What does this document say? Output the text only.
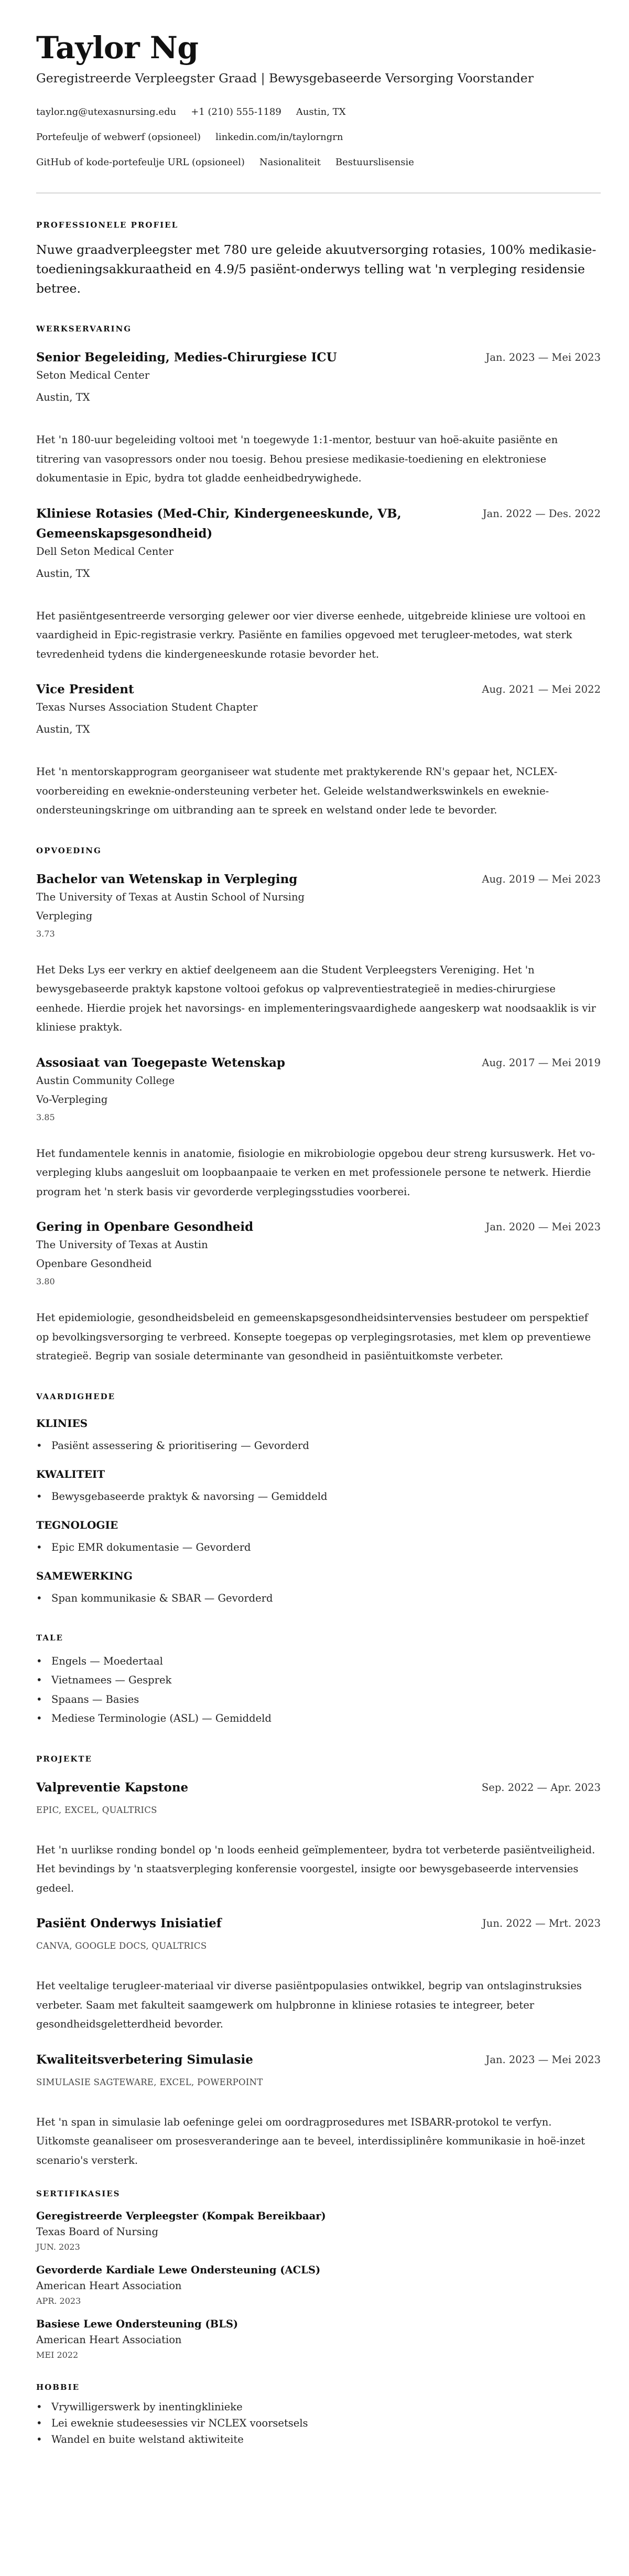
Taylor Ng
Geregistreerde Verpleegster Graad | Bewysgebaseerde Versorging Voorstander
taylor.ng@utexasnursing.edu +1 (210) 555-1189 Austin, TX
Portefeulje of webwerf (opsioneel) linkedin.com/in/taylorngrn
GitHub of kode-portefeulje URL (opsioneel) Nasionaliteit Bestuurslisensie
PROFESSIONELE PROFIEL
Nuwe graadverpleegster met 780 ure geleide akuutversorging rotasies, 100% medikasie-toedieningsakkuraatheid en 4.9/5 pasiënt-onderwys telling wat 'n verpleging residensie betree.
WERKSERVARING
Senior Begeleiding, Medies-Chirurgiese ICU	Jan. 2023 — Mei 2023
Seton Medical Center
Austin, TX
Het 'n 180-uur begeleiding voltooi met 'n toegewyde 1:1-mentor, bestuur van hoë-akuite pasiënte en titrering van vasopressors onder nou toesig. Behou presiese medikasie-toediening en elektroniese dokumentasie in Epic, bydra tot gladde eenheidbedrywighede.
Kliniese Rotasies (Med-Chir, Kindergeneeskunde, VB, Gemeenskapsgesondheid)
Jan. 2022 — Des. 2022
Dell Seton Medical Center
Austin, TX
Het pasiëntgesentreerde versorging gelewer oor vier diverse eenhede, uitgebreide kliniese ure voltooi en vaardigheid in Epic-registrasie verkry. Pasiënte en families opgevoed met terugleer-metodes, wat sterk tevredenheid tydens die kindergeneeskunde rotasie bevorder het.
Vice President	Aug. 2021 — Mei 2022
Texas Nurses Association Student Chapter
Austin, TX
Het 'n mentorskapprogram georganiseer wat studente met praktykerende RN's gepaar het, NCLEX-voorbereiding en eweknie-ondersteuning verbeter het. Geleide welstandwerkswinkels en eweknie-ondersteuningskringe om uitbranding aan te spreek en welstand onder lede te bevorder.
OPVOEDING
Bachelor van Wetenskap in Verpleging	Aug. 2019 — Mei 2023
The University of Texas at Austin School of Nursing
Verpleging
3.73
Het Deks Lys eer verkry en aktief deelgeneem aan die Student Verpleegsters Vereniging. Het 'n bewysgebaseerde praktyk kapstone voltooi gefokus op valpreventiestrategieë in medies-chirurgiese eenhede. Hierdie projek het navorsings- en implementeringsvaardighede aangeskerp wat noodsaaklik is vir kliniese praktyk.
Assosiaat van Toegepaste Wetenskap	Aug. 2017 — Mei 2019
Austin Community College
Vo-Verpleging
3.85
Het fundamentele kennis in anatomie, fisiologie en mikrobiologie opgebou deur streng kursuswerk. Het vo-verpleging klubs aangesluit om loopbaanpaaie te verken en met professionele persone te netwerk. Hierdie program het 'n sterk basis vir gevorderde verplegingsstudies voorberei.
Gering in Openbare Gesondheid	Jan. 2020 — Mei 2023
The University of Texas at Austin
Openbare Gesondheid
3.80
Het epidemiologie, gesondheidsbeleid en gemeenskapsgesondheidsintervensies bestudeer om perspektief op bevolkingsversorging te verbreed. Konsepte toegepas op verplegingsrotasies, met klem op preventiewe strategieë. Begrip van sosiale determinante van gesondheid in pasiëntuitkomste verbeter.
VAARDIGHEDE
KLINIES
• Pasiënt assessering & prioritisering — Gevorderd
KWALITEIT
• Bewysgebaseerde praktyk & navorsing — Gemiddeld
TEGNOLOGIE
• Epic EMR dokumentasie — Gevorderd
SAMEWERKING
• Span kommunikasie & SBAR — Gevorderd
TALE
• Engels — Moedertaal
• Vietnamees — Gesprek
• Spaans — Basies
• Mediese Terminologie (ASL) — Gemiddeld
PROJEKTE
Valpreventie Kapstone	Sep. 2022 — Apr. 2023
EPIC, EXCEL, QUALTRICS
Het 'n uurlikse ronding bondel op 'n loods eenheid geïmplementeer, bydra tot verbeterde pasiëntveiligheid. Het bevindings by 'n staatsverpleging konferensie voorgestel, insigte oor bewysgebaseerde intervensies gedeel.
Pasiënt Onderwys Inisiatief	Jun. 2022 — Mrt. 2023
CANVA, GOOGLE DOCS, QUALTRICS
Het veeltalige terugleer-materiaal vir diverse pasiëntpopulasies ontwikkel, begrip van ontslaginstruksies verbeter. Saam met fakulteit saamgewerk om hulpbronne in kliniese rotasies te integreer, beter gesondheidsgeletterdheid bevorder.
Kwaliteitsverbetering Simulasie	Jan. 2023 — Mei 2023
SIMULASIE SAGTEWARE, EXCEL, POWERPOINT
Het 'n span in simulasie lab oefeninge gelei om oordragprosedures met ISBARR-protokol te verfyn. Uitkomste geanaliseer om prosesveranderinge aan te beveel, interdissiplinêre kommunikasie in hoë-inzet scenario's versterk.
SERTIFIKASIES
Geregistreerde Verpleegster (Kompak Bereikbaar)
Texas Board of Nursing
JUN. 2023
Gevorderde Kardiale Lewe Ondersteuning (ACLS)
American Heart Association
APR. 2023
Basiese Lewe Ondersteuning (BLS)
American Heart Association
MEI 2022
HOBBIE
• Vrywilligerswerk by inentingklinieke
• Lei eweknie studeesessies vir NCLEX voorsetsels
• Wandel en buite welstand aktiwiteite
